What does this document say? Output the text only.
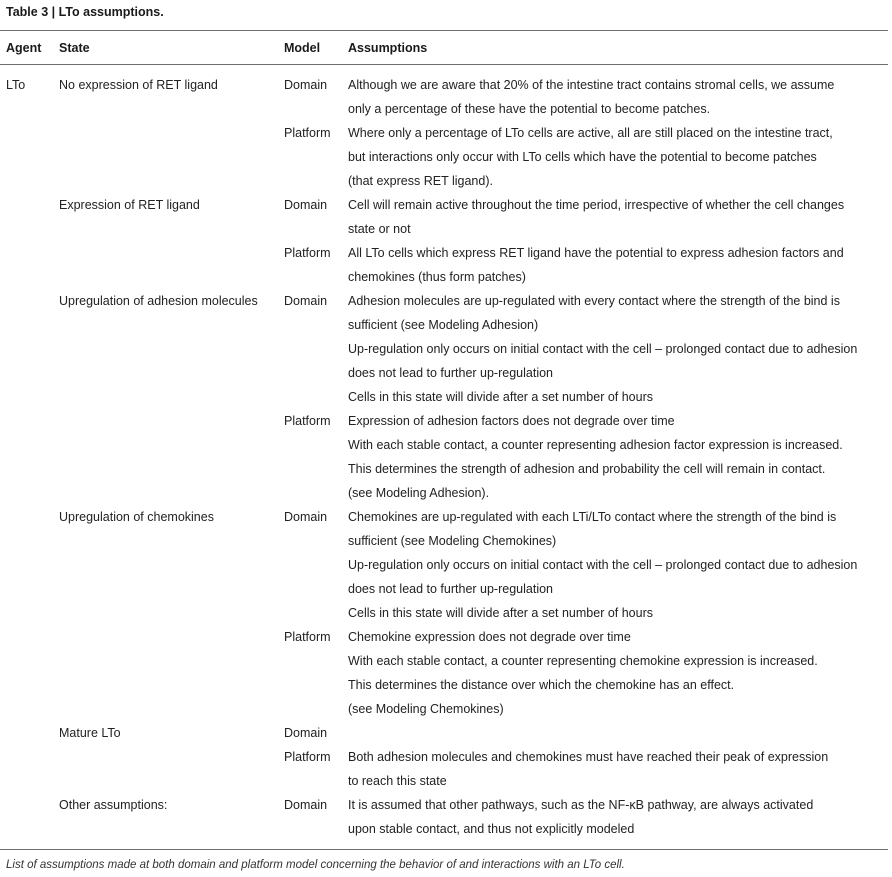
Table 3 | LTo assumptions.
Agent State	Model Assumptions
LTo	No expression of RET ligand	Domain Although we are aware that 20% of the intestine tract contains stromal cells, we assume
only a percentage of these have the potential to become patches.
Platform Where only a percentage of LTo cells are active, all are still placed on the intestine tract,
but interactions only occur with LTo cells which have the potential to become patches
(that express RET ligand).
Expression of RET ligand	Domain Cell will remain active throughout the time period, irrespective of whether the cell changes
state or not
Platform All LTo cells which express RET ligand have the potential to express adhesion factors and
chemokines (thus form patches)
Upregulation of adhesion molecules Domain Adhesion molecules are up-regulated with every contact where the strength of the bind is
sufficient (see Modeling Adhesion)
Up-regulation only occurs on initial contact with the cell – prolonged contact due to adhesion
does not lead to further up-regulation
Cells in this state will divide after a set number of hours
Platform Expression of adhesion factors does not degrade over time
With each stable contact, a counter representing adhesion factor expression is increased.
This determines the strength of adhesion and probability the cell will remain in contact.
(see Modeling Adhesion).
Upregulation of chemokines	Domain Chemokines are up-regulated with each LTi/LTo contact where the strength of the bind is
sufficient (see Modeling Chemokines)
Up-regulation only occurs on initial contact with the cell – prolonged contact due to adhesion
does not lead to further up-regulation
Cells in this state will divide after a set number of hours
Platform Chemokine expression does not degrade over time
With each stable contact, a counter representing chemokine expression is increased.
This determines the distance over which the chemokine has an effect.
(see Modeling Chemokines)
Mature LTo	Domain
Platform Both adhesion molecules and chemokines must have reached their peak of expression
to reach this state
Other assumptions:	Domain It is assumed that other pathways, such as the NF-κB pathway, are always activated
upon stable contact, and thus not explicitly modeled
List of assumptions made at both domain and platform model concerning the behavior of and interactions with an LTo cell.
